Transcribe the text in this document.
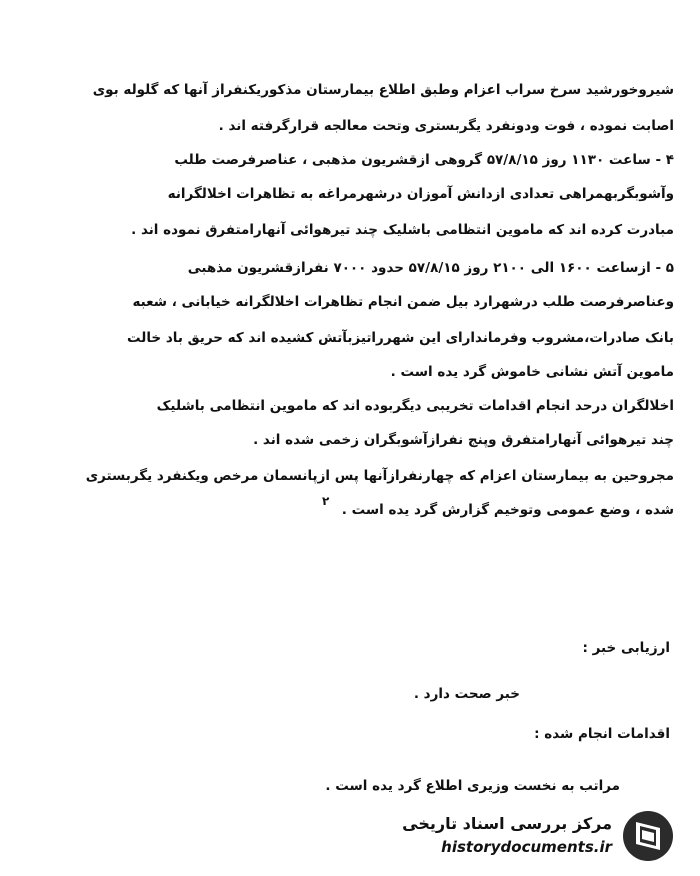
شیروخورشید سرخ سراب اعزام وطبق اطلاع بیمارستان مذکوریکنفراز آنها که گلوله بوی
اصابت نموده ، فوت ودونفرد یگربستری وتحت معالجه قرارگرفته اند .
۴ - ساعت ۱۱۳۰ روز ۵۷/۸/۱۵ گروهی ازقشریون مذهبی ، عناصرفرصت طلب
وآشوبگربهمراهی تعدادی ازدانش آموزان درشهرمراغه به تظاهرات اخلالگرانه
مبادرت کرده اند که ماموین انتظامی باشلیک چند تیرهوائی آنهارامتفرق نموده اند .
۵ - ازساعت ۱۶۰۰ الی ۲۱۰۰ روز ۵۷/۸/۱۵ حدود ۷۰۰۰ نفرازقشریون مذهبی
وعناصرفرصت طلب درشهرارد بیل ضمن انجام تظاهرات اخلالگرانه خیابانی ، شعبه
بانک صادرات،مشروب وفرماندارای این شهرراتیزبآتش کشیده اند که حریق باد خالت
ماموین آتش نشانی خاموش گرد یده است .
اخلالگران درحد انجام اقدامات تخریبی دیگربوده اند که ماموین انتظامی باشلیک
چند تیرهوائی آنهارامتفرق وپنج نفرازآشوبگران زخمی شده اند .
مجروحین به بیمارستان اعزام که چهارنفرازآنها پس ازپانسمان مرخص ویکنفرد یگربستری
شده ، وضع عمومی وتوخیم گزارش گرد یده است .
۲
ارزیابی خبر :
خبر صحت دارد .
اقدامات انجام شده :
مراتب به نخست وزیری اطلاع گرد یده است .
مرکز بررسی اسناد تاریخی
historydocuments.ir
